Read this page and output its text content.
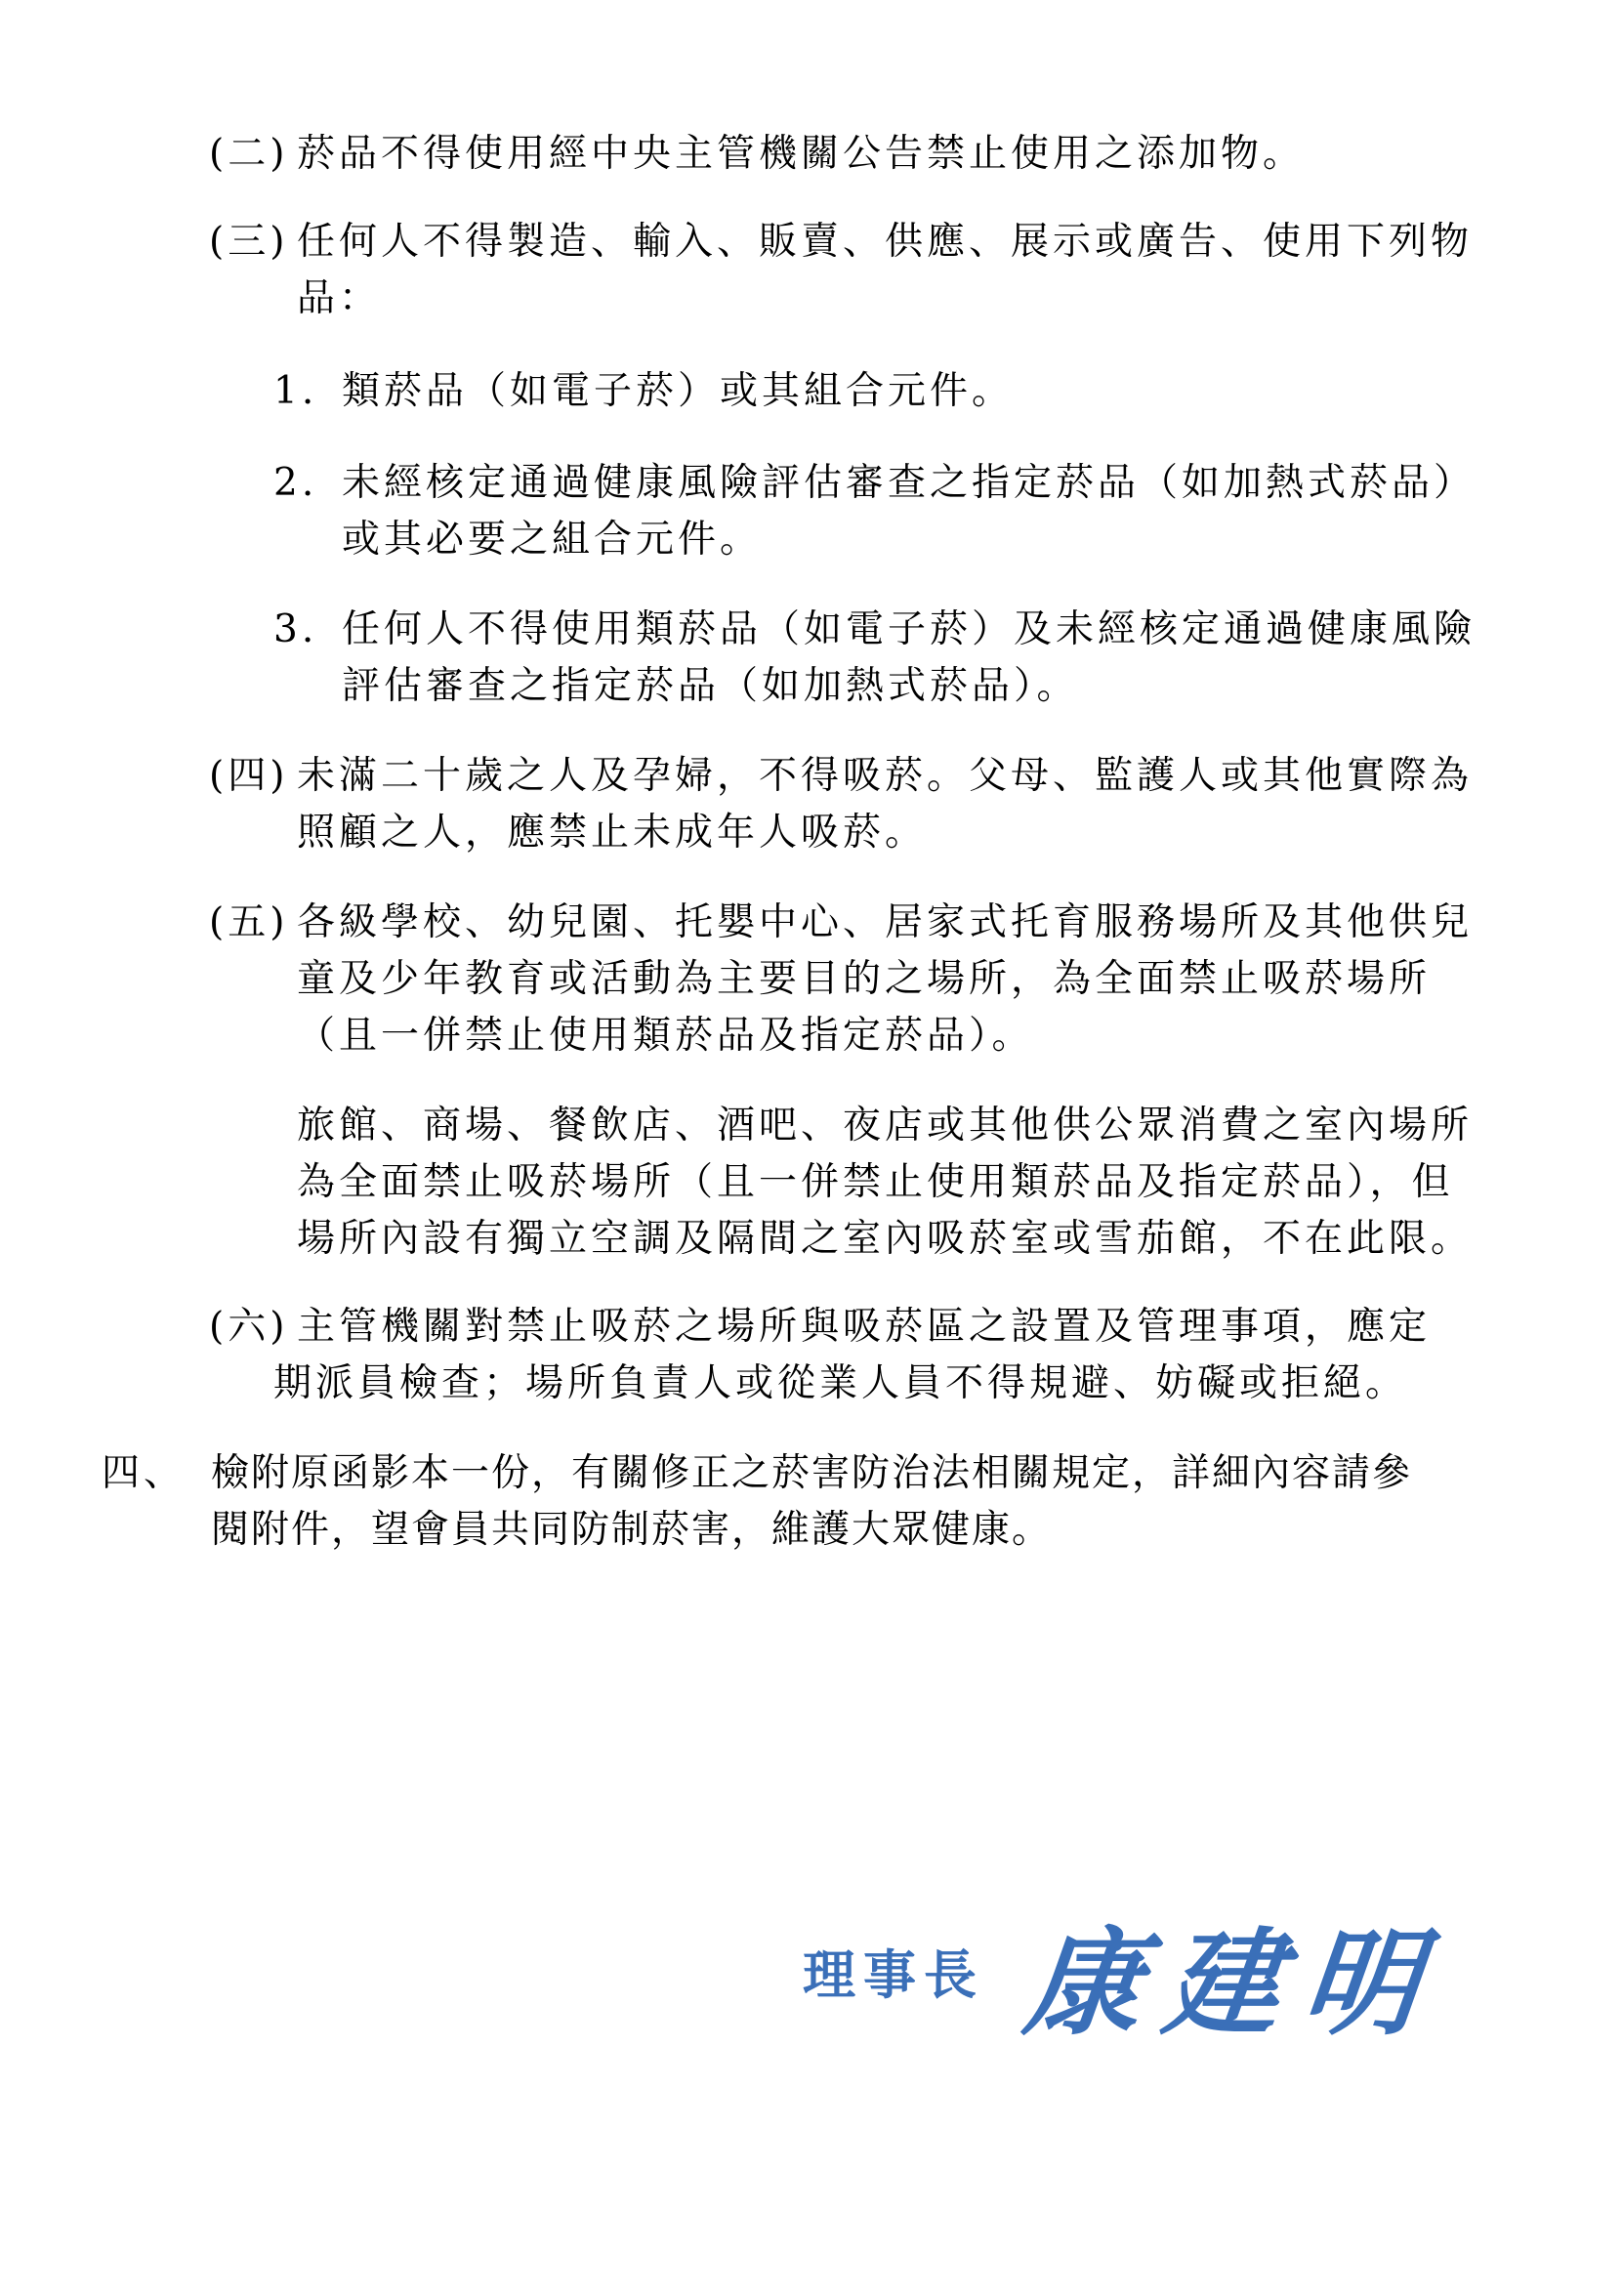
(二) 菸品不得使用經中央主管機關公告禁止使用之添加物。
(三) 任何人不得製造、輸入、販賣、供應、展示或廣告、使用下列物
品：
1. 類菸品（如電子菸）或其組合元件。
2. 未經核定通過健康風險評估審查之指定菸品（如加熱式菸品）
或其必要之組合元件。
3. 任何人不得使用類菸品（如電子菸）及未經核定通過健康風險
評估審查之指定菸品（如加熱式菸品）。
(四) 未滿二十歲之人及孕婦，不得吸菸。父母、監護人或其他實際為
照顧之人，應禁止未成年人吸菸。
(五) 各級學校、幼兒園、托嬰中心、居家式托育服務場所及其他供兒
童及少年教育或活動為主要目的之場所，為全面禁止吸菸場所
（且一併禁止使用類菸品及指定菸品）。
旅館、商場、餐飲店、酒吧、夜店或其他供公眾消費之室內場所
為全面禁止吸菸場所（且一併禁止使用類菸品及指定菸品），但
場所內設有獨立空調及隔間之室內吸菸室或雪茄館，不在此限。
(六) 主管機關對禁止吸菸之場所與吸菸區之設置及管理事項，應定
期派員檢查；場所負責人或從業人員不得規避、妨礙或拒絕。
四、 檢附原函影本一份，有關修正之菸害防治法相關規定，詳細內容請參
閱附件，望會員共同防制菸害，維護大眾健康。
理事長 康建明
